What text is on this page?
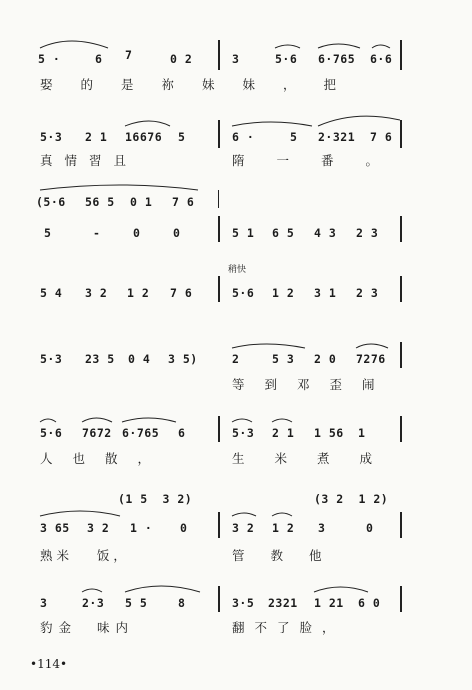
5 ·	6 7	0 2	3	5·6 6·765 6·6
娶的是祢妹妹，把
5·3 2 1 16676 5	6 ·	5 2·321 7 6
真情習且	隋一番。
(5·6 56 5 0 1 7 6
5	-	0	0	5 1 6 5 4 3 2 3
稍快
5 4 3 2 1 2 7 6	5·6 1 2 3 1 2 3
5·3 23 5 0 4 3 5)	2	5 3 2 0 7276
等到邓歪闹
5·6 7672 6·765 6	5·3 2 1 1 56 1
人也散，	生米煮成
(1 5  3 2)	(3 2  1 2)
3 65 3 2 1 · 0	3 2 1 2 3	0
熟米   饭，	管教他
3	2·3 5 5	8	3·5 2321 1 21 6 0
豹金  味内	翻不了脸，
•114•
